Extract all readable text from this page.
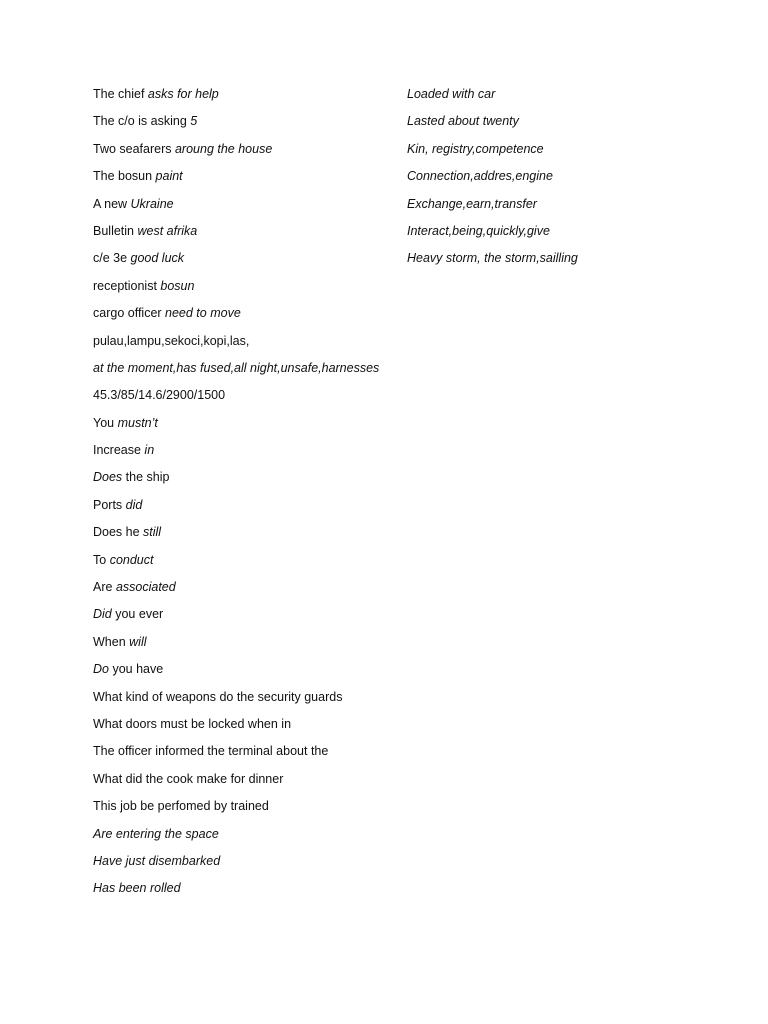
The chief asks for help
The c/o is asking 5
Two seafarers aroung the house
The bosun paint
A new Ukraine
Bulletin west afrika
c/e 3e good luck
receptionist bosun
cargo officer need to move
pulau,lampu,sekoci,kopi,las,
at the moment,has fused,all night,unsafe,harnesses
45.3/85/14.6/2900/1500
You mustn’t
Increase in
Does the ship
Ports did
Does he still
To conduct
Are associated
Did you ever
When will
Do you have
What kind of weapons do the security guards
What doors must be locked when in
The officer informed the terminal about the
What did the cook make for dinner
This job be perfomed by trained
Are entering the space
Have just disembarked
Has been rolled
Loaded with car
Lasted about twenty
Kin, registry,competence
Connection,addres,engine
Exchange,earn,transfer
Interact,being,quickly,give
Heavy storm, the storm,sailling
